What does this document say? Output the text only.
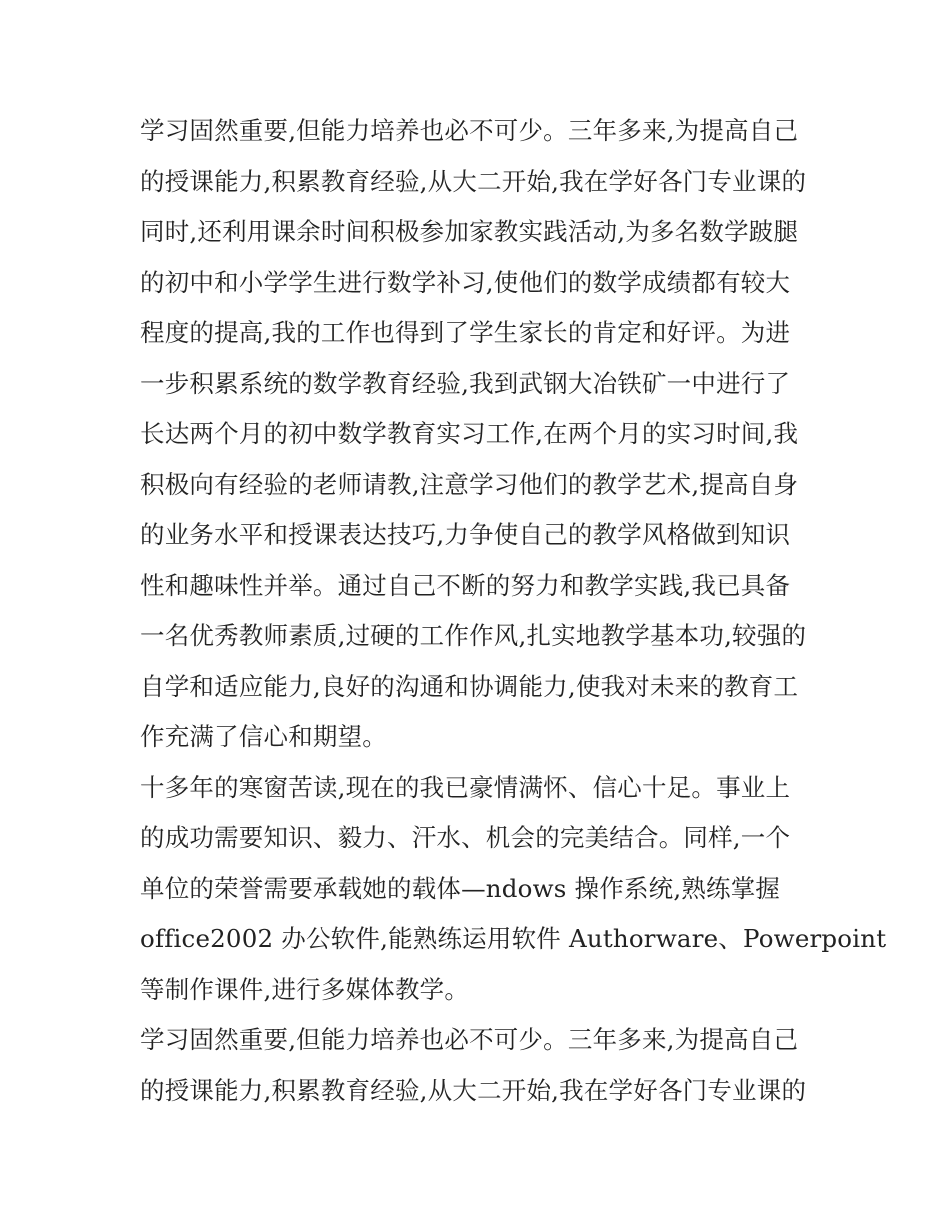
学习固然重要,但能力培养也必不可少。三年多来,为提高自己
的授课能力,积累教育经验,从大二开始,我在学好各门专业课的
同时,还利用课余时间积极参加家教实践活动,为多名数学跛腿
的初中和小学学生进行数学补习,使他们的数学成绩都有较大
程度的提高,我的工作也得到了学生家长的肯定和好评。为进
一步积累系统的数学教育经验,我到武钢大冶铁矿一中进行了
长达两个月的初中数学教育实习工作,在两个月的实习时间,我
积极向有经验的老师请教,注意学习他们的教学艺术,提高自身
的业务水平和授课表达技巧,力争使自己的教学风格做到知识
性和趣味性并举。通过自己不断的努力和教学实践,我已具备
一名优秀教师素质,过硬的工作作风,扎实地教学基本功,较强的
自学和适应能力,良好的沟通和协调能力,使我对未来的教育工
作充满了信心和期望。
十多年的寒窗苦读,现在的我已豪情满怀、信心十足。事业上
的成功需要知识、毅力、汗水、机会的完美结合。同样,一个
单位的荣誉需要承载她的载体—ndows 操作系统,熟练掌握
office2002 办公软件,能熟练运用软件 Authorware、Powerpoint
等制作课件,进行多媒体教学。
学习固然重要,但能力培养也必不可少。三年多来,为提高自己
的授课能力,积累教育经验,从大二开始,我在学好各门专业课的
